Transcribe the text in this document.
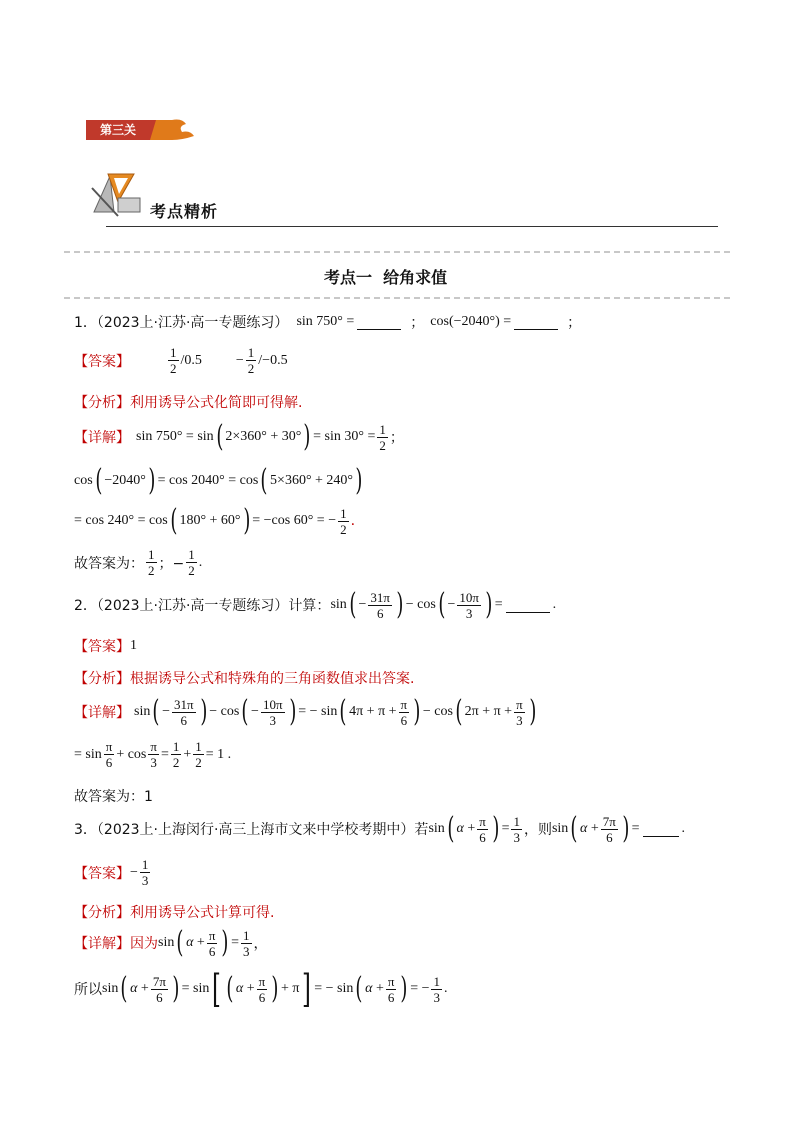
第三关
考点精析
考点一  给角求值
1．（2023上·江苏·高一专题练习） sin 750° =	； cos(−2040°) =	；
【答案】	$\frac{1}{2} /0.5 - \frac{1}{2} /-0.5$
【分析】 利用诱导公式化简即可得解.
【详解】 sin 750° = sin ( 2×360° + 30° ) = $\sin 30^\circ = \frac{1}{2}$ ；
cos ( −2040° ) = cos 2040° = cos ( 5×360° + 240° )
= cos 240° = cos ( 180° + 60° ) = −cos 60° = − $\frac{1}{2}$ .
故答案为： $\frac{1}{2}$ ；− $\frac{1}{2}$ .
2．（2023上·江苏·高一专题练习）计算： sin ( − $\frac{31\pi}{6}$ ) − cos ( − $\frac{10\pi}{3}$ ) =	.
【答案】 1
【分析】 根据诱导公式和特殊角的三角函数值求出答案.
【详解】 sin ( − $\frac{31\pi}{6}$ ) − cos ( − $\frac{10\pi}{3}$ ) = − sin ( $4\pi + \pi + \frac{\pi}{6}$ ) − cos ( $2\pi + \pi + \frac{\pi}{3}$ )
= $\sin \frac{\pi}{6} + \cos \frac{\pi}{3} = \frac{1}{2} + \frac{1}{2} = 1$ .
故答案为：1
3．（2023上·上海闵行·高三上海市文来中学校考期中）若 sin ( $\alpha + \frac{\pi}{6}$ ) = $\frac{1}{3}$ ，则 sin ( $\alpha + \frac{7\pi}{6}$ ) =	.
【答案】 − $\frac{1}{3}$
【分析】 利用诱导公式计算可得.
【详解】 因为 sin ( $\alpha + \frac{\pi}{6}$ ) = $\frac{1}{3}$ ，
所以 sin ( $\alpha + \frac{7\pi}{6}$ ) = sin [ ( $\alpha + \frac{\pi}{6}$ ) + π ] = − sin ( $\alpha + \frac{\pi}{6}$ ) = − $\frac{1}{3}$ .
